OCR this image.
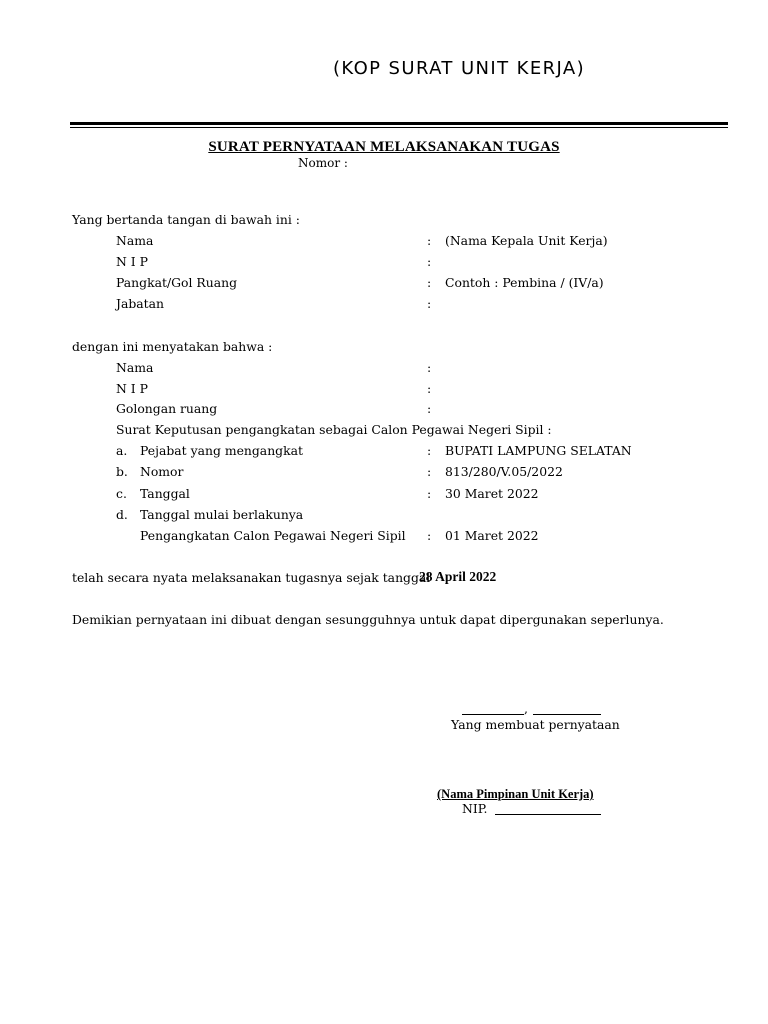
(KOP SURAT UNIT KERJA)
SURAT PERNYATAAN MELAKSANAKAN TUGAS
Nomor :
Yang bertanda tangan di bawah ini :
Nama	: (Nama Kepala Unit Kerja)
N I P	:
Pangkat/Gol Ruang	: Contoh : Pembina / (IV/a)
Jabatan	:
dengan ini menyatakan bahwa :
Nama	:
N I P	:
Golongan ruang	:
Surat Keputusan pengangkatan sebagai Calon Pegawai Negeri Sipil :
a. Pejabat yang mengangkat	: BUPATI LAMPUNG SELATAN
b. Nomor	: 813/280/V.05/2022
c. Tanggal	: 30 Maret 2022
d. Tanggal mulai berlakunya
Pengangkatan Calon Pegawai Negeri Sipil : 01 Maret 2022
telah secara nyata melaksanakan tugasnya sejak tanggal
28 April 2022
Demikian pernyataan ini dibuat dengan sesungguhnya untuk dapat dipergunakan seperlunya.
,
Yang membuat pernyataan
(Nama Pimpinan Unit Kerja)
NIP.
